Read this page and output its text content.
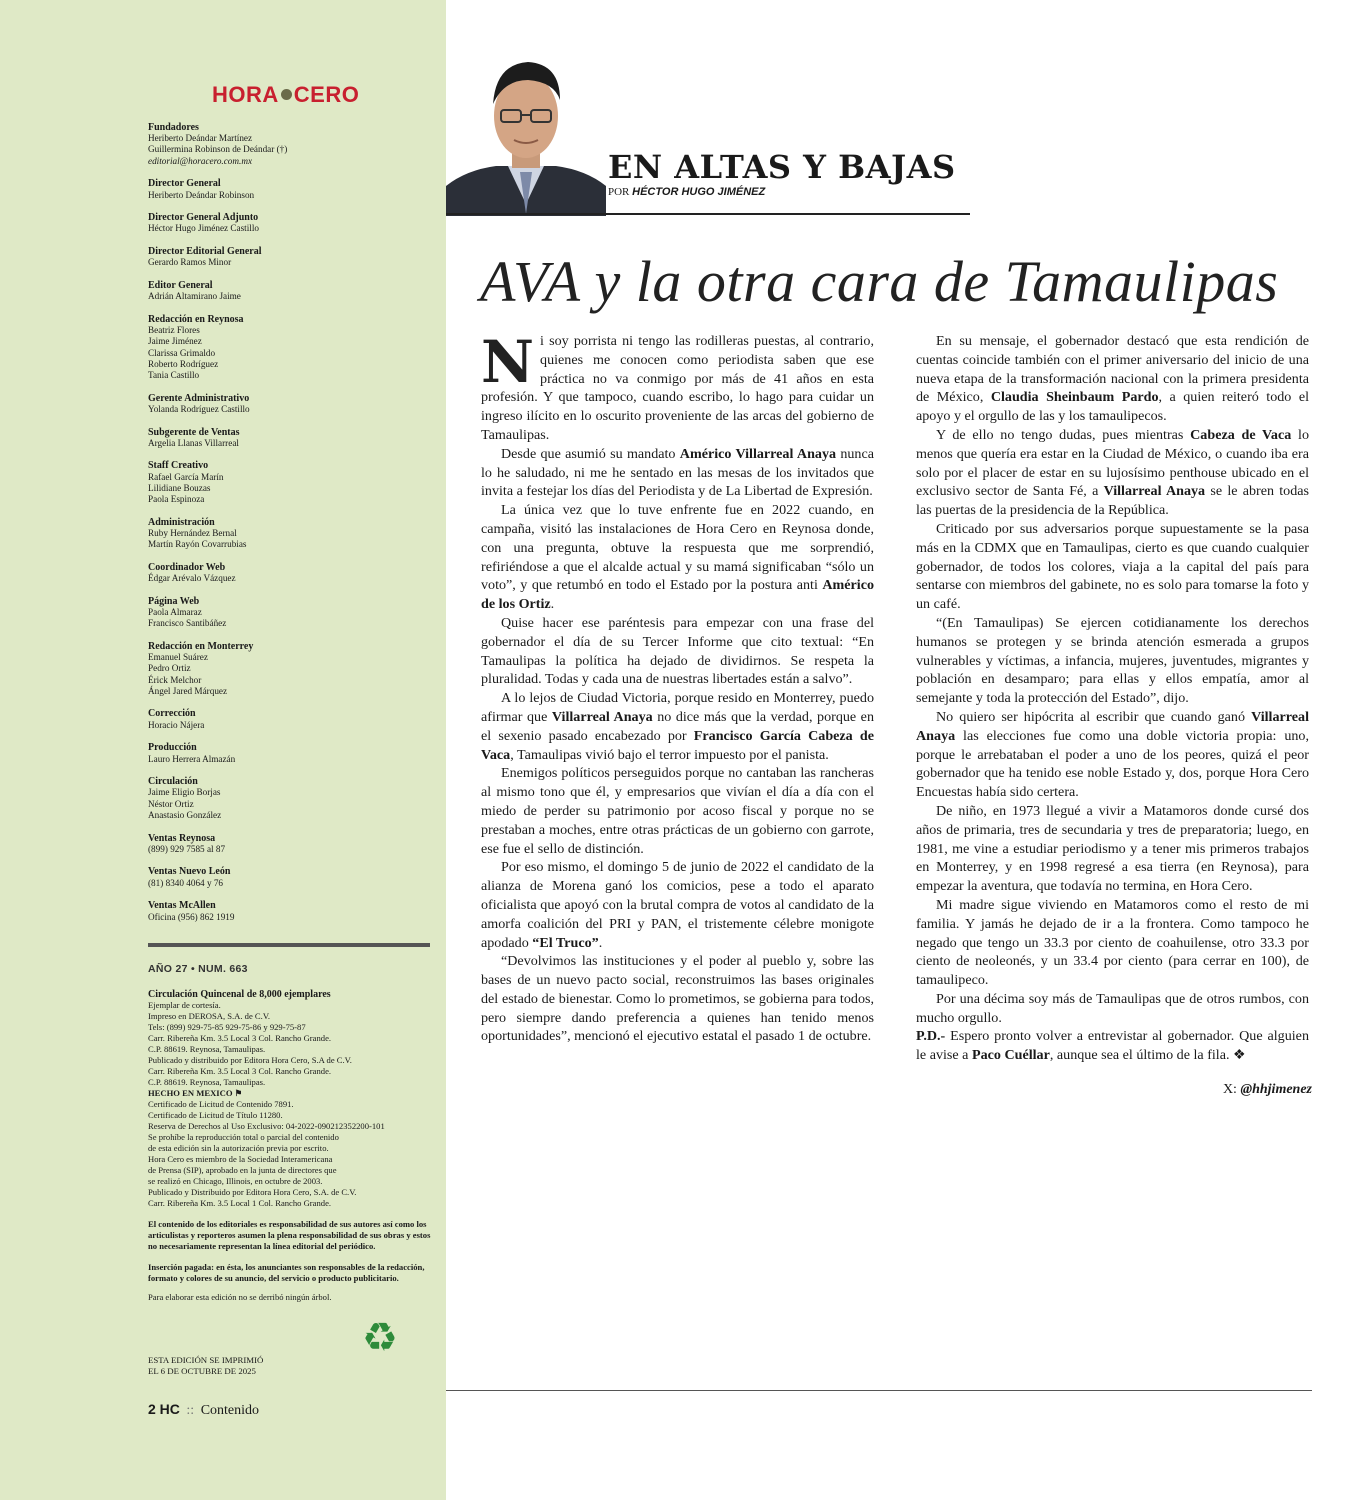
HORA CERO
Fundadores
Heriberto Deándar Martínez
Guillermina Robinson de Deándar (†)
editorial@horacero.com.mx
Director General
Heriberto Deándar Robinson
Director General Adjunto
Héctor Hugo Jiménez Castillo
Director Editorial General
Gerardo Ramos Minor
Editor General
Adrián Altamirano Jaime
Redacción en Reynosa
Beatriz Flores
Jaime Jiménez
Clarissa Grimaldo
Roberto Rodríguez
Tania Castillo
Gerente Administrativo
Yolanda Rodríguez Castillo
Subgerente de Ventas
Argelia Llanas Villarreal
Staff Creativo
Rafael García Marín
Lilidiane Bouzas
Paola Espinoza
Administración
Ruby Hernández Bernal
Martín Rayón Covarrubias
Coordinador Web
Édgar Arévalo Vázquez
Página Web
Paola Almaraz
Francisco Santibáñez
Redacción en Monterrey
Emanuel Suárez
Pedro Ortiz
Érick Melchor
Ángel Jared Márquez
Corrección
Horacio Nájera
Producción
Lauro Herrera Almazán
Circulación
Jaime Eligio Borjas
Néstor Ortiz
Anastasio González
Ventas Reynosa
(899) 929 7585 al 87
Ventas Nuevo León
(81) 8340 4064 y 76
Ventas McAllen
Oficina (956) 862 1919
AÑO 27 • NUM. 663

Circulación Quincenal de 8,000 ejemplares

Ejemplar de cortesía.

Impreso en DEROSA, S.A. de C.V.

Tels: (899) 929-75-85 929-75-86 y 929-75-87

Carr. Ribereña Km. 3.5 Local 3 Col. Rancho Grande.

C.P. 88619. Reynosa, Tamaulipas.

Publicado y distribuido por Editora Hora Cero, S.A de C.V.

Carr. Ribereña Km. 3.5 Local 3 Col. Rancho Grande.

C.P. 88619. Reynosa, Tamaulipas.

HECHO EN MEXICO ⚑

Certificado de Licitud de Contenido 7891.

Certificado de Licitud de Título 11280.

Reserva de Derechos al Uso Exclusivo: 04-2022-090212352200-101

Se prohíbe la reproducción total o parcial del contenido

de esta edición sin la autorización previa por escrito.

Hora Cero es miembro de la Sociedad Interamericana

de Prensa (SIP), aprobado en la junta de directores que

se realizó en Chicago, Illinois, en octubre de 2003.

Publicado y Distribuido por Editora Hora Cero, S.A. de C.V.

Carr. Ribereña Km. 3.5 Local 1 Col. Rancho Grande.

El contenido de los editoriales es responsabilidad de sus autores así como los articulistas y reporteros asumen la plena responsabilidad de sus obras y estos no necesariamente representan la línea editorial del periódico.

Inserción pagada: en ésta, los anunciantes son responsables de la redacción, formato y colores de su anuncio, del servicio o producto publicitario.

Para elaborar esta edición no se derribó ningún árbol.

♻
ESTA EDICIÓN SE IMPRIMIÓ
EL 6 DE OCTUBRE DE 2025
2 HC :: Contenido
EN ALTAS Y BAJAS
POR HÉCTOR HUGO JIMÉNEZ
AVA y la otra cara de Tamaulipas

Ni soy porrista ni tengo las rodilleras puestas, al contrario, quienes me conocen como periodista saben que ese práctica no va conmigo por más de 41 años en esta profesión. Y que tampoco, cuando escribo, lo hago para cuidar un ingreso ilícito en lo oscurito proveniente de las arcas del gobierno de Tamaulipas.

Desde que asumió su mandato Américo Villarreal Anaya nunca lo he saludado, ni me he sentado en las mesas de los invitados que invita a festejar los días del Periodista y de La Libertad de Expresión.

La única vez que lo tuve enfrente fue en 2022 cuando, en campaña, visitó las instalaciones de Hora Cero en Reynosa donde, con una pregunta, obtuve la respuesta que me sorprendió, refiriéndose a que el alcalde actual y su mamá significaban “sólo un voto”, y que retumbó en todo el Estado por la postura anti Américo de los Ortiz.

Quise hacer ese paréntesis para empezar con una frase del gobernador el día de su Tercer Informe que cito textual: “En Tamaulipas la política ha dejado de dividirnos. Se respeta la pluralidad. Todas y cada una de nuestras libertades están a salvo”.

A lo lejos de Ciudad Victoria, porque resido en Monterrey, puedo afirmar que Villarreal Anaya no dice más que la verdad, porque en el sexenio pasado encabezado por Francisco García Cabeza de Vaca, Tamaulipas vivió bajo el terror impuesto por el panista.

Enemigos políticos perseguidos porque no cantaban las rancheras al mismo tono que él, y empresarios que vivían el día a día con el miedo de perder su patrimonio por acoso fiscal y porque no se prestaban a moches, entre otras prácticas de un gobierno con garrote, ese fue el sello de distinción.

Por eso mismo, el domingo 5 de junio de 2022 el candidato de la alianza de Morena ganó los comicios, pese a todo el aparato oficialista que apoyó con la brutal compra de votos al candidato de la amorfa coalición del PRI y PAN, el tristemente célebre monigote apodado “El Truco”.

“Devolvimos las instituciones y el poder al pueblo y, sobre las bases de un nuevo pacto social, reconstruimos las bases originales del estado de bienestar. Como lo prometimos, se gobierna para todos, pero siempre dando preferencia a quienes han tenido menos oportunidades”, mencionó el ejecutivo estatal el pasado 1 de octubre.

En su mensaje, el gobernador destacó que esta rendición de cuentas coincide también con el primer aniversario del inicio de una nueva etapa de la transformación nacional con la primera presidenta de México, Claudia Sheinbaum Pardo, a quien reiteró todo el apoyo y el orgullo de las y los tamaulipecos.

Y de ello no tengo dudas, pues mientras Cabeza de Vaca lo menos que quería era estar en la Ciudad de México, o cuando iba era solo por el placer de estar en su lujosísimo penthouse ubicado en el exclusivo sector de Santa Fé, a Villarreal Anaya se le abren todas las puertas de la presidencia de la República.

Criticado por sus adversarios porque supuestamente se la pasa más en la CDMX que en Tamaulipas, cierto es que cuando cualquier gobernador, de todos los colores, viaja a la capital del país para sentarse con miembros del gabinete, no es solo para tomarse la foto y un café.

“(En Tamaulipas) Se ejercen cotidianamente los derechos humanos se protegen y se brinda atención esmerada a grupos vulnerables y víctimas, a infancia, mujeres, juventudes, migrantes y población en desamparo; para ellas y ellos empatía, amor al semejante y toda la protección del Estado”, dijo.

No quiero ser hipócrita al escribir que cuando ganó Villarreal Anaya las elecciones fue como una doble victoria propia: uno, porque le arrebataban el poder a uno de los peores, quizá el peor gobernador que ha tenido ese noble Estado y, dos, porque Hora Cero Encuestas había sido certera.

De niño, en 1973 llegué a vivir a Matamoros donde cursé dos años de primaria, tres de secundaria y tres de preparatoria; luego, en 1981, me vine a estudiar periodismo y a tener mis primeros trabajos en Monterrey, y en 1998 regresé a esa tierra (en Reynosa), para empezar la aventura, que todavía no termina, en Hora Cero.

Mi madre sigue viviendo en Matamoros como el resto de mi familia. Y jamás he dejado de ir a la frontera. Como tampoco he negado que tengo un 33.3 por ciento de coahuilense, otro 33.3 por ciento de neoleonés, y un 33.4 por ciento (para cerrar en 100), de tamaulipeco.

Por una décima soy más de Tamaulipas que de otros rumbos, con mucho orgullo.

P.D.- Espero pronto volver a entrevistar al gobernador. Que alguien le avise a Paco Cuéllar, aunque sea el último de la fila. ❖

X: @hhjimenez
